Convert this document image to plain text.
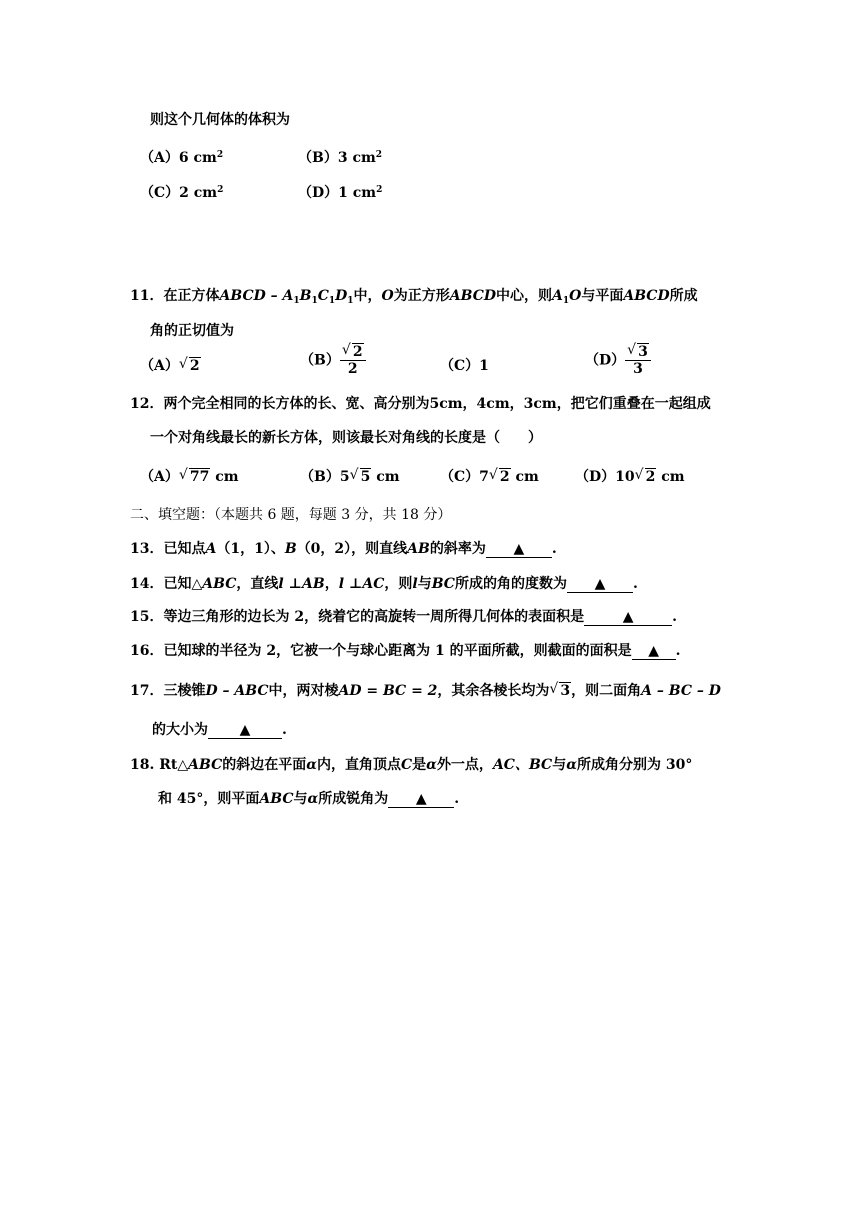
则这个几何体的体积为
（A）6 $cm^2$	（B）3 $cm^2$
（C）2 $cm^2$	（D）1 $cm^2$
11．在正方体ABCD – $A_1B_1C_1D_1$中，O为正方形ABCD中心，则$A_1O$与平面ABCD所成
角的正切值为
（A） √ 2	$(B) \frac{√ 2}{2}$	（C）1	$(D) \frac{√ 3}{3}$
12．两个完全相同的长方体的长、宽、高分别为5cm，4cm，3cm，把它们重叠在一起组成
一个对角线最长的新长方体，则该最长对角线的长度是（　　）
（A） √ 77 cm	（B）5 √ 5 cm	（C）7 √ 2 cm	（D）10 √ 2 cm
二、填空题：（本题共 6 题，每题 3 分，共 18 分）
13．已知点A（1，1）、B（0，2），则直线AB的斜率为 ▲ .
14．已知△ABC，直线l ⊥AB，l ⊥AC，则l与BC所成的角的度数为 ▲ .
15．等边三角形的边长为 2，绕着它的高旋转一周所得几何体的表面积是	▲	.
16．已知球的半径为 2，它被一个与球心距离为 1 的平面所截，则截面的面积是 ▲ .
17．三棱锥D – ABC中，两对棱AD = BC = 2，其余各棱长均为 √ 3，则二面角A – BC – D
的大小为 ▲ .
18. Rt△ABC的斜边在平面α内，直角顶点C是α外一点，AC、BC与α所成角分别为 30°
和 45°，则平面ABC与α所成锐角为 ▲ .
